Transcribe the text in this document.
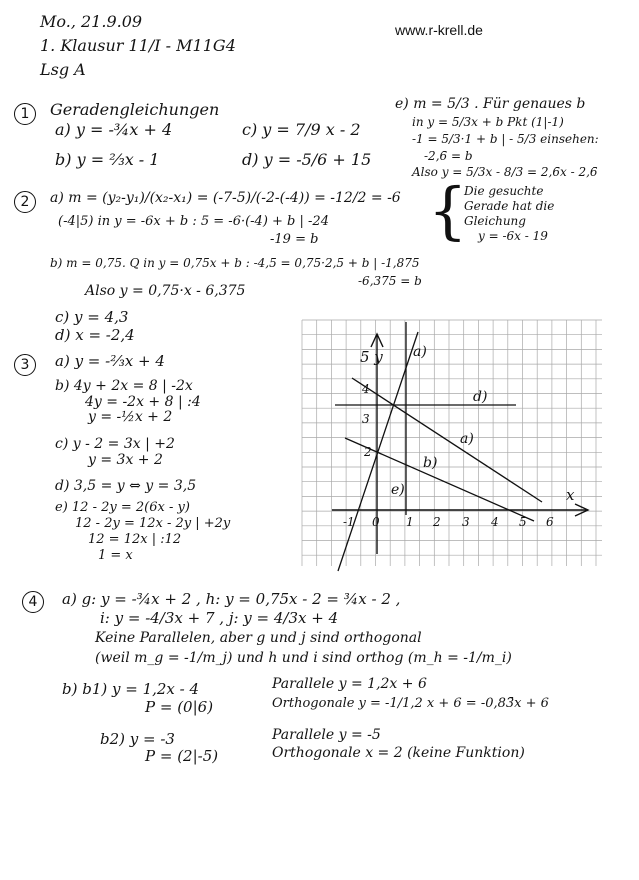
Mo., 21.9.09	www.r-krell.de
1. Klausur 11/I - M11G4
Lsg A
1	Geradengleichungen
a) y = -¾x + 4	c) y = 7/9 x - 2
b) y = ⅔x - 1	d) y = -5/6 + 15
e) m = 5/3 . Für genaues b
in y = 5/3x + b Pkt (1|-1)
-1 = 5/3·1 + b | - 5/3 einsehen:
-2,6̄ = b
Also y = 5/3x - 8/3 = 2,6̄x - 2,6̄
2	a) m = (y₂-y₁)/(x₂-x₁) = (-7-5)/(-2-(-4)) = -12/2 = -6
(-4|5) in y = -6x + b : 5 = -6·(-4) + b | -24
-19 = b {
Die gesuchte
Gerade hat die
Gleichung
y = -6x - 19
b) m = 0,75. Q in y = 0,75x + b : -4,5 = 0,75·2,5 + b | -1,875
-6,375 = b
Also y = 0,75·x - 6,375
c) y = 4,3
d) x = -2,4
3	a) y = -⅔x + 4
b) 4y + 2x = 8 | -2x
4y = -2x + 8 | :4
y = -½x + 2
c) y - 2 = 3x | +2
y = 3x + 2
d) 3,5 = y ⇔ y = 3,5
e) 12 - 2y = 2(6x - y)
12 - 2y = 12x - 2y | +2y
12 = 12x | :12
1 = x
5 y
x
-1 0 1 2 3 4 5 6
2
3
4
a)
a)
b)
d)
e)
4	a) g: y = -¾x + 2 , h: y = 0,75x - 2 = ¾x - 2 ,
i: y = -4/3x + 7 , j: y = 4/3x + 4
Keine Parallelen, aber g und j sind orthogonal
(weil m_g = -1/m_j) und h und i sind orthog (m_h = -1/m_i)
b) b1) y = 1,2x - 4
P = (0|6)
Parallele y = 1,2x + 6
Orthogonale y = -1/1,2 x + 6 = -0,83̄x + 6
b2) y = -3
P = (2|-5)
Parallele y = -5
Orthogonale x = 2 (keine Funktion)
